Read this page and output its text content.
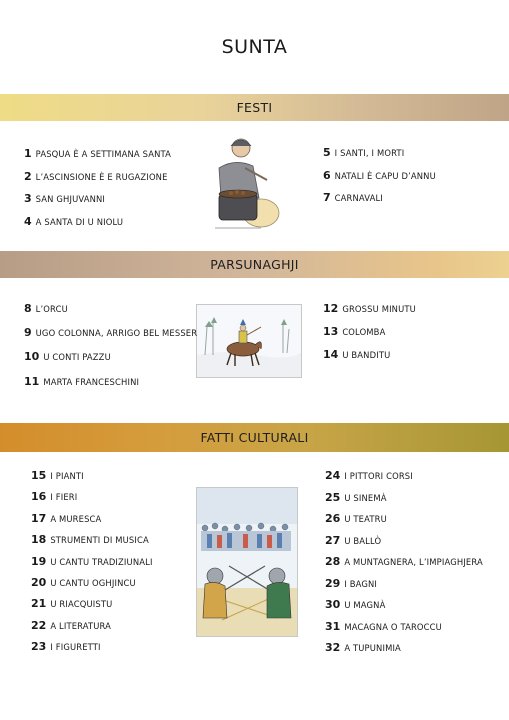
SUNTA
FESTI
PARSUNAGHJI
FATTI CULTURALI
1 PASQUA È A SETTIMANA SANTA
2 L’ASCINSIONE È E RUGAZIONE
3 SAN GHJUVANNI
4 A SANTA DI U NIOLU
5 I SANTI, I MORTI
6 NATALI È CAPU D’ANNU
7 CARNAVALI
8 L’ORCU
9 UGO COLONNA, ARRIGO BEL MESSER
10 U CONTI PAZZU
11 MARTA FRANCESCHINI
12 GROSSU MINUTU
13 COLOMBA
14 U BANDITU
15 I PIANTI
16 I FIERI
17 A MURESCA
18 STRUMENTI DI MUSICA
19 U CANTU TRADIZIUNALI
20 U CANTU OGHJINCU
21 U RIACQUISTU
22 A LITERATURA
23 I FIGURETTI
24 I PITTORI CORSI
25 U SINEMÀ
26 U TEATRU
27 U BALLÒ
28 A MUNTAGNERA, L’IMPIAGHJERA
29 I BAGNI
30 U MAGNÀ
31 MACAGNA O TAROCCU
32 A TUPUNIMIA
